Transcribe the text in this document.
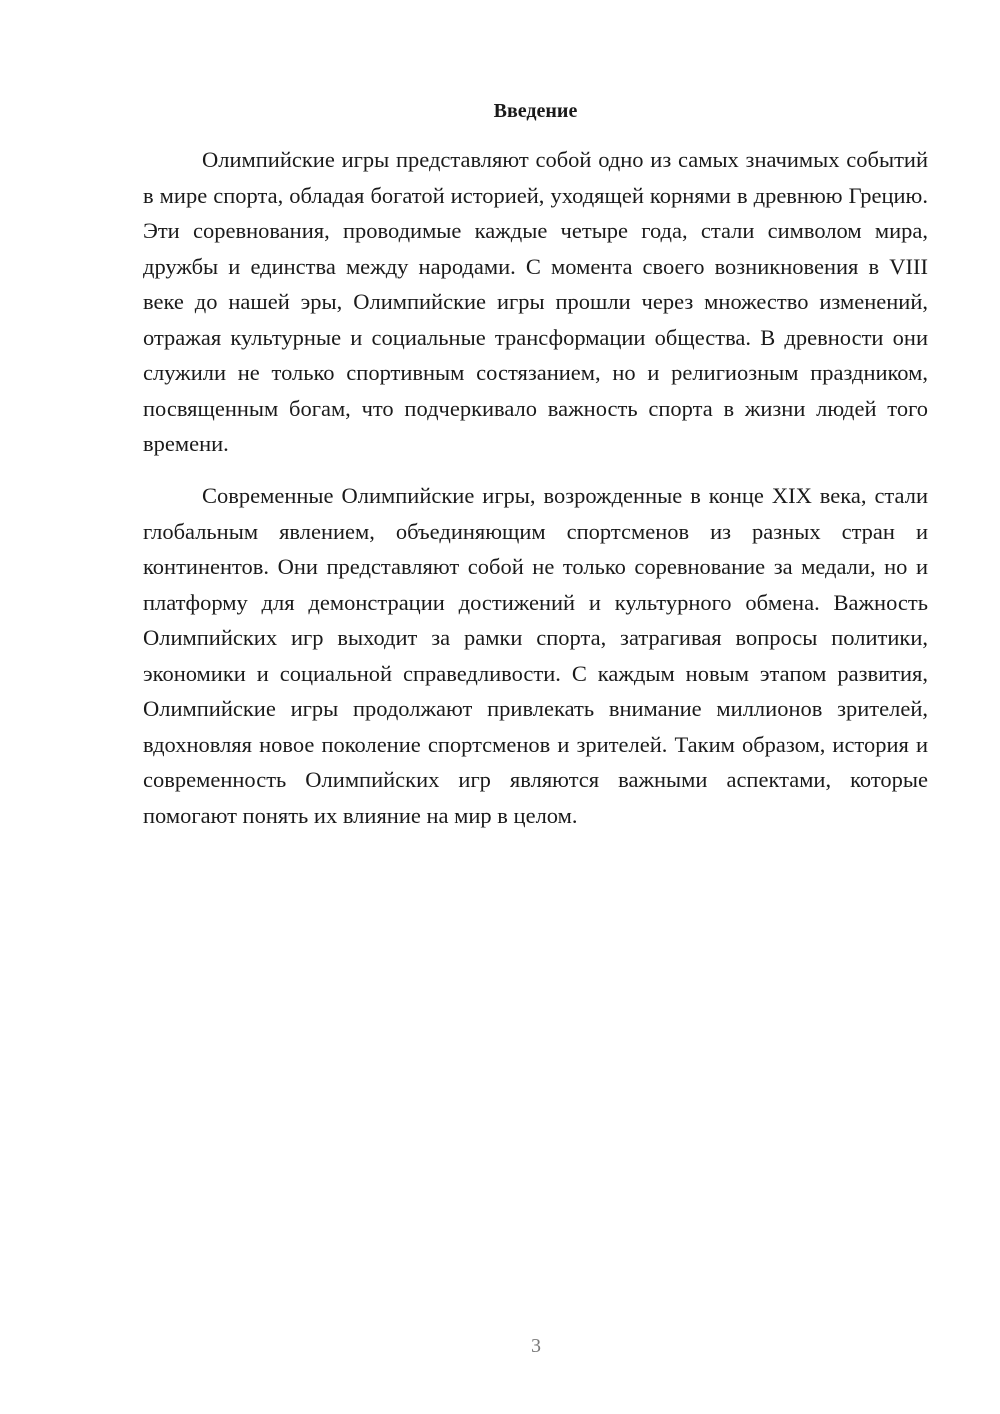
Введение

Олимпийские игры представляют собой одно из самых значимых событий в мире спорта, обладая богатой историей, уходящей корнями в древнюю Грецию. Эти соревнования, проводимые каждые четыре года, стали символом мира, дружбы и единства между народами. С момента своего возникновения в VIII веке до нашей эры, Олимпийские игры прошли через множество изменений, отражая культурные и социальные трансформации общества. В древности они служили не только спортивным состязанием, но и религиозным праздником, посвященным богам, что подчеркивало важность спорта в жизни людей того времени.

Современные Олимпийские игры, возрожденные в конце XIX века, стали глобальным явлением, объединяющим спортсменов из разных стран и континентов. Они представляют собой не только соревнование за медали, но и платформу для демонстрации достижений и культурного обмена. Важность Олимпийских игр выходит за рамки спорта, затрагивая вопросы политики, экономики и социальной справедливости. С каждым новым этапом развития, Олимпийские игры продолжают привлекать внимание миллионов зрителей, вдохновляя новое поколение спортсменов и зрителей. Таким образом, история и современность Олимпийских игр являются важными аспектами, которые помогают понять их влияние на мир в целом.

3
